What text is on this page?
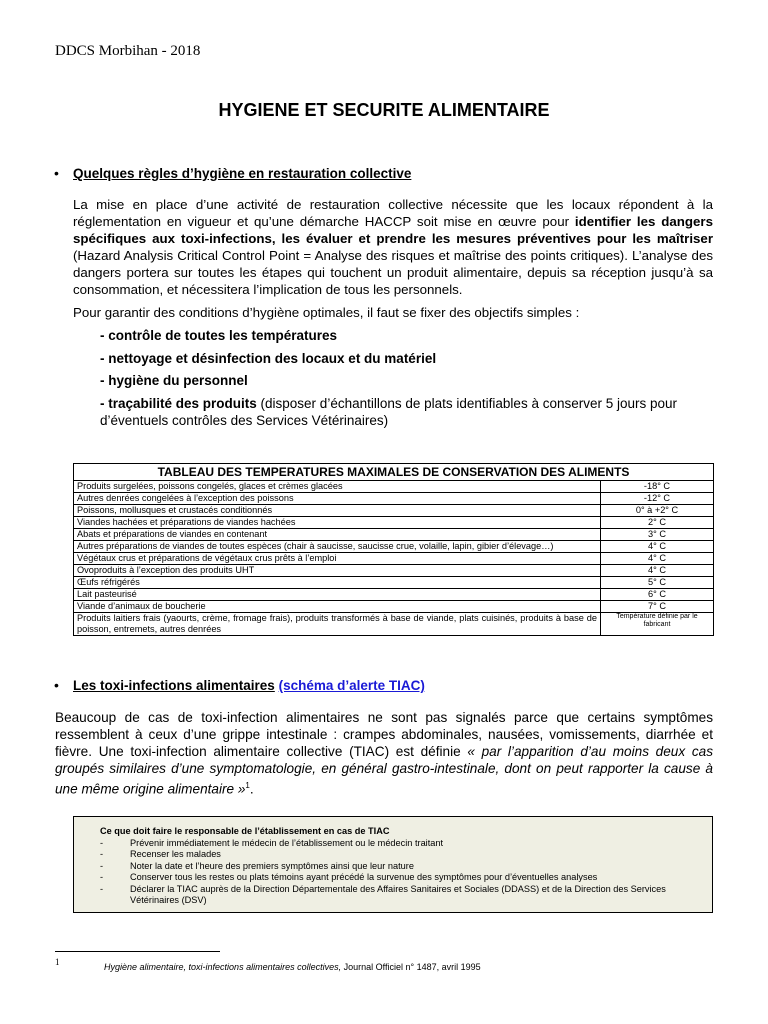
DDCS Morbihan - 2018
HYGIENE ET SECURITE ALIMENTAIRE
• Quelques règles d’hygiène en restauration collective
La mise en place d’une activité de restauration collective nécessite que les locaux répondent à la réglementation en vigueur et qu’une démarche HACCP soit mise en œuvre pour identifier les dangers spécifiques aux toxi-infections, les évaluer et prendre les mesures préventives pour les maîtriser (Hazard Analysis Critical Control Point = Analyse des risques et maîtrise des points critiques). L’analyse des dangers portera sur toutes les étapes qui touchent un produit alimentaire, depuis sa réception jusqu’à sa consommation, et nécessitera l’implication de tous les personnels.
Pour garantir des conditions d’hygiène optimales, il faut se fixer des objectifs simples :
- contrôle de toutes les températures
- nettoyage et désinfection des locaux et du matériel
- hygiène du personnel
- traçabilité des produits (disposer d’échantillons de plats identifiables à conserver 5 jours pour d’éventuels contrôles des Services Vétérinaires)
TABLEAU DES TEMPERATURES MAXIMALES DE CONSERVATION DES ALIMENTS	
Produits surgelées, poissons congelés, glaces et crèmes glacées	-18° C
Autres denrées congelées à l’exception des poissons	-12° C
Poissons, mollusques et crustacés conditionnés	0° à +2° C
Viandes hachées et préparations de viandes hachées	2° C
Abats et préparations de viandes en contenant	3° C
Autres préparations de viandes de toutes espèces (chair à saucisse, saucisse crue, volaille, lapin, gibier d’élevage…)	4° C
Végétaux crus et préparations de végétaux crus prêts à l’emploi	4° C
Ovoproduits à l’exception des produits UHT	4° C
Œufs réfrigérés	5° C
Lait pasteurisé	6° C
Viande d’animaux de boucherie	7° C
Produits laitiers frais (yaourts, crème, fromage frais), produits transformés à base de viande, plats cuisinés, produits à base de poisson, entremets, autres denrées	Température définie par le fabricant
• Les toxi-infections alimentaires (schéma d’alerte TIAC)
Beaucoup de cas de toxi-infection alimentaires ne sont pas signalés parce que certains symptômes ressemblent à ceux d’une grippe intestinale : crampes abdominales, nausées, vomissements, diarrhée et fièvre. Une toxi-infection alimentaire collective (TIAC) est définie « par l’apparition d’au moins deux cas groupés similaires d’une symptomatologie, en général gastro-intestinale, dont on peut rapporter la cause à une même origine alimentaire »$^1$.
Ce que doit faire le responsable de l’établissement en cas de TIAC
-	Prévenir immédiatement le médecin de l’établissement ou le médecin traitant
-	Recenser les malades
-	Noter la date et l’heure des premiers symptômes ainsi que leur nature
-	Conserver tous les restes ou plats témoins ayant précédé la survenue des symptômes pour d’éventuelles analyses
-	Déclarer la TIAC auprès de la Direction Départementale des Affaires Sanitaires et Sociales (DDASS) et de la Direction des Services Vétérinaires (DSV)
1	Hygiène alimentaire, toxi-infections alimentaires collectives, Journal Officiel n° 1487, avril 1995
